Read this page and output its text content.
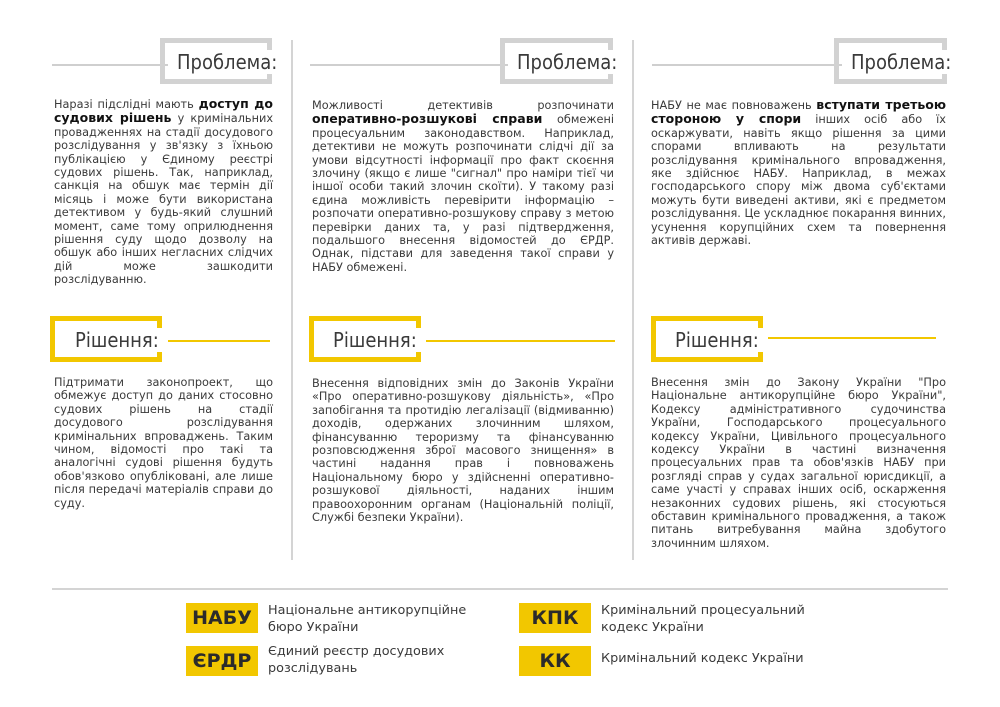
Проблема:
Наразі підслідні мають доступ до судових рішень у кримінальних провадженнях на стадії досудового розслідування у зв'язку з їхньою публікацією у Єдиному реєстрі судових рішень. Так, наприклад, санкція на обшук має термін дії місяць і може бути використана детективом у будь-який слушний момент, саме тому оприлюднення рішення суду щодо дозволу на обшук або інших негласних слідчих дій може зашкодити розслідуванню.
Рішення:
Підтримати законопроект, що обмежує доступ до даних стосовно судових рішень на стадії досудового розслідування кримінальних впроваджень. Таким чином, відомості про такі та аналогічні судові рішення будуть обов'язково опубліковані, але лише після передачі матеріалів справи до суду.
Проблема:
Можливості детективів розпочинати оперативно-розшукові справи обмежені процесуальним законодавством. Наприклад, детективи не можуть розпочинати слідчі дії за умови відсутності інформації про факт скоєння злочину (якщо є лише "сигнал" про наміри тієї чи іншої особи такий злочин скоїти). У такому разі єдина можливість перевірити інформацію – розпочати оперативно-розшукову справу з метою перевірки даних та, у разі підтвердження, подальшого внесення відомостей до ЄРДР. Однак, підстави для заведення такої справи у НАБУ обмежені.
Рішення:
Внесення відповідних змін до Законів України «Про оперативно-розшукову діяльність», «Про запобігання та протидію легалізації (відмиванню) доходів, одержаних злочинним шляхом, фінансуванню тероризму та фінансуванню розповсюдження зброї масового знищення» в частині надання прав і повноважень Національному бюро у здійсненні оперативно-розшукової діяльності, наданих іншим правоохоронним органам (Національній поліції, Службі безпеки України).
Проблема:
НАБУ не має повноважень вступати третьою стороною у спори інших осіб або їх оскаржувати, навіть якщо рішення за цими спорами впливають на результати розслідування кримінального впровадження, яке здійснює НАБУ. Наприклад, в межах господарського спору між двома суб'єктами можуть бути виведені активи, які є предметом розслідування. Це ускладнює покарання винних, усунення корупційних схем та повернення активів державі.
Рішення:
Внесення змін до Закону України "Про Національне антикорупційне бюро України", Кодексу адміністративного судочинства України, Господарського процесуального кодексу України, Цивільного процесуального кодексу України в частині визначення процесуальних прав та обов'язків НАБУ при розгляді справ у судах загальної юрисдикції, а саме участі у справах інших осіб, оскарження незаконних судових рішень, які стосуються обставин кримінального провадження, а також питань витребування майна здобутого злочинним шляхом.
НАБУ	Національне антикорупційне бюро України
ЄРДР	Єдиний реєстр досудових розслідувань
КПК	Кримінальний процесуальний кодекс України
КК	Кримінальний кодекс України
